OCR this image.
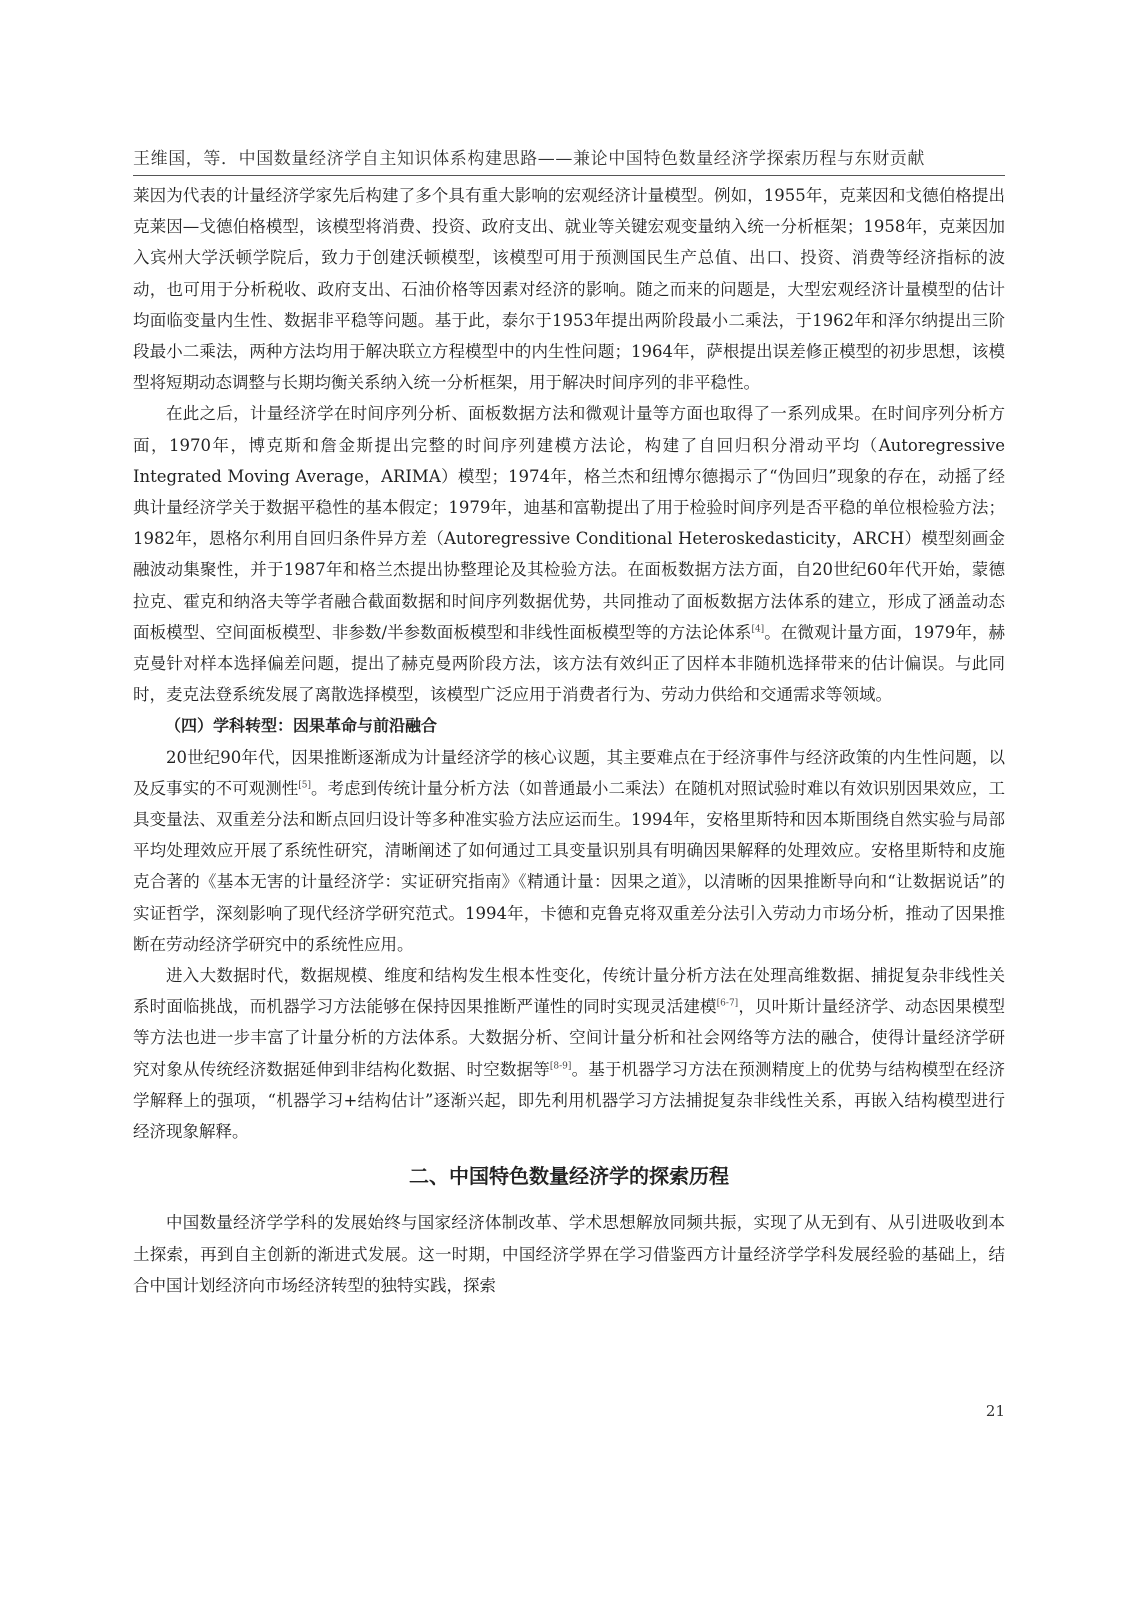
王维国，等．中国数量经济学自主知识体系构建思路——兼论中国特色数量经济学探索历程与东财贡献

莱因为代表的计量经济学家先后构建了多个具有重大影响的宏观经济计量模型。例如，1955年，克莱因和戈德伯格提出克莱因—戈德伯格模型，该模型将消费、投资、政府支出、就业等关键宏观变量纳入统一分析框架；1958年，克莱因加入宾州大学沃顿学院后，致力于创建沃顿模型，该模型可用于预测国民生产总值、出口、投资、消费等经济指标的波动，也可用于分析税收、政府支出、石油价格等因素对经济的影响。随之而来的问题是，大型宏观经济计量模型的估计均面临变量内生性、数据非平稳等问题。基于此，泰尔于1953年提出两阶段最小二乘法，于1962年和泽尔纳提出三阶段最小二乘法，两种方法均用于解决联立方程模型中的内生性问题；1964年，萨根提出误差修正模型的初步思想，该模型将短期动态调整与长期均衡关系纳入统一分析框架，用于解决时间序列的非平稳性。

在此之后，计量经济学在时间序列分析、面板数据方法和微观计量等方面也取得了一系列成果。在时间序列分析方面，1970年，博克斯和詹金斯提出完整的时间序列建模方法论，构建了自回归积分滑动平均（Autoregressive Integrated Moving Average，ARIMA）模型；1974年，格兰杰和纽博尔德揭示了“伪回归”现象的存在，动摇了经典计量经济学关于数据平稳性的基本假定；1979年，迪基和富勒提出了用于检验时间序列是否平稳的单位根检验方法；1982年，恩格尔利用自回归条件异方差（Autoregressive Conditional Heteroskedasticity，ARCH）模型刻画金融波动集聚性，并于1987年和格兰杰提出协整理论及其检验方法。在面板数据方法方面，自20世纪60年代开始，蒙德拉克、霍克和纳洛夫等学者融合截面数据和时间序列数据优势，共同推动了面板数据方法体系的建立，形成了涵盖动态面板模型、空间面板模型、非参数/半参数面板模型和非线性面板模型等的方法论体系[4]。在微观计量方面，1979年，赫克曼针对样本选择偏差问题，提出了赫克曼两阶段方法，该方法有效纠正了因样本非随机选择带来的估计偏误。与此同时，麦克法登系统发展了离散选择模型，该模型广泛应用于消费者行为、劳动力供给和交通需求等领域。

（四）学科转型：因果革命与前沿融合

20世纪90年代，因果推断逐渐成为计量经济学的核心议题，其主要难点在于经济事件与经济政策的内生性问题，以及反事实的不可观测性[5]。考虑到传统计量分析方法（如普通最小二乘法）在随机对照试验时难以有效识别因果效应，工具变量法、双重差分法和断点回归设计等多种准实验方法应运而生。1994年，安格里斯特和因本斯围绕自然实验与局部平均处理效应开展了系统性研究，清晰阐述了如何通过工具变量识别具有明确因果解释的处理效应。安格里斯特和皮施克合著的《基本无害的计量经济学：实证研究指南》《精通计量：因果之道》，以清晰的因果推断导向和“让数据说话”的实证哲学，深刻影响了现代经济学研究范式。1994年，卡德和克鲁克将双重差分法引入劳动力市场分析，推动了因果推断在劳动经济学研究中的系统性应用。

进入大数据时代，数据规模、维度和结构发生根本性变化，传统计量分析方法在处理高维数据、捕捉复杂非线性关系时面临挑战，而机器学习方法能够在保持因果推断严谨性的同时实现灵活建模[6-7]，贝叶斯计量经济学、动态因果模型等方法也进一步丰富了计量分析的方法体系。大数据分析、空间计量分析和社会网络等方法的融合，使得计量经济学研究对象从传统经济数据延伸到非结构化数据、时空数据等[8-9]。基于机器学习方法在预测精度上的优势与结构模型在经济学解释上的强项，“机器学习+结构估计”逐渐兴起，即先利用机器学习方法捕捉复杂非线性关系，再嵌入结构模型进行经济现象解释。

二、中国特色数量经济学的探索历程

中国数量经济学学科的发展始终与国家经济体制改革、学术思想解放同频共振，实现了从无到有、从引进吸收到本土探索，再到自主创新的渐进式发展。这一时期，中国经济学界在学习借鉴西方计量经济学学科发展经验的基础上，结合中国计划经济向市场经济转型的独特实践，探索

21
